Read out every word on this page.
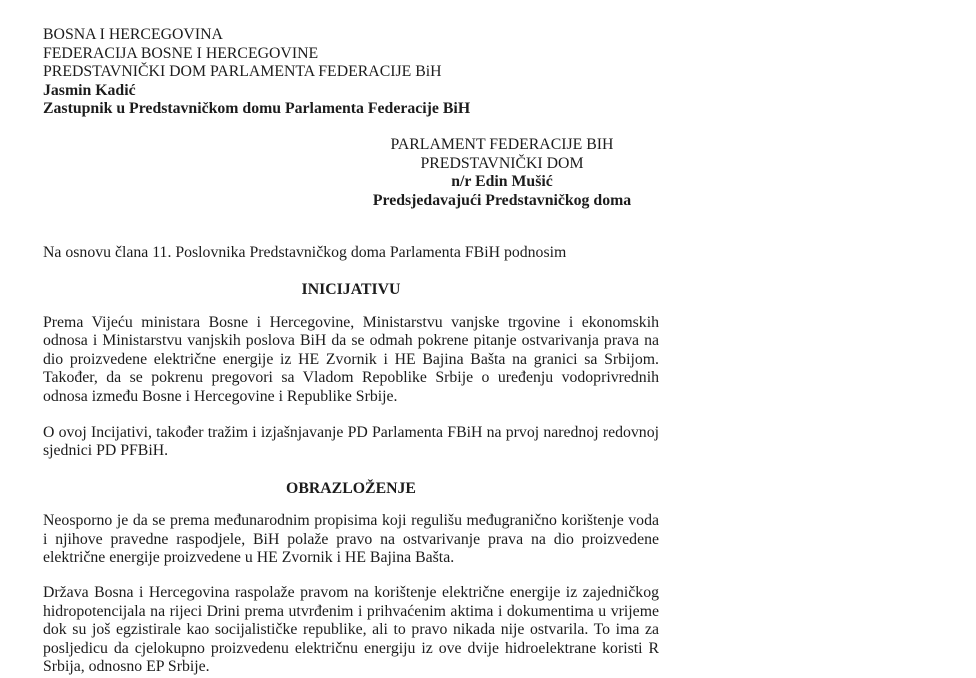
BOSNA I HERCEGOVINA
FEDERACIJA BOSNE I HERCEGOVINE
PREDSTAVNIČKI DOM PARLAMENTA FEDERACIJE BiH
Jasmin Kadić
Zastupnik u Predstavničkom domu Parlamenta Federacije BiH
PARLAMENT FEDERACIJE BIH
PREDSTAVNIČKI DOM
n/r Edin Mušić
Predsjedavajući Predstavničkog doma
Na osnovu člana 11. Poslovnika Predstavničkog doma Parlamenta FBiH podnosim
INICIJATIVU
Prema Vijeću ministara Bosne i Hercegovine, Ministarstvu vanjske trgovine i ekonomskih
odnosa i Ministarstvu vanjskih poslova BiH da se odmah pokrene pitanje ostvarivanja prava na
dio proizvedene električne energije iz HE Zvornik i HE Bajina Bašta na granici sa Srbijom.
Također, da se pokrenu pregovori sa Vladom Repoblike Srbije o uređenju vodoprivrednih
odnosa između Bosne i Hercegovine i Republike Srbije.
O ovoj Incijativi, također tražim i izjašnjavanje PD Parlamenta FBiH na prvoj narednoj redovnoj
sjednici PD PFBiH.
OBRAZLOŽENJE
Neosporno je da se prema međunarodnim propisima koji regulišu međugranično korištenje voda
i njihove pravedne raspodjele, BiH polaže pravo na ostvarivanje prava na dio proizvedene
električne energije proizvedene u HE Zvornik i HE Bajina Bašta.
Država Bosna i Hercegovina raspolaže pravom na korištenje električne energije iz zajedničkog
hidropotencijala na rijeci Drini prema utvrđenim i prihvaćenim aktima i dokumentima u vrijeme
dok su još egzistirale kao socijalističke republike, ali to pravo nikada nije ostvarila. To ima za
posljedicu da cjelokupno proizvedenu električnu energiju iz ove dvije hidroelektrane koristi R
Srbija, odnosno EP Srbije.
